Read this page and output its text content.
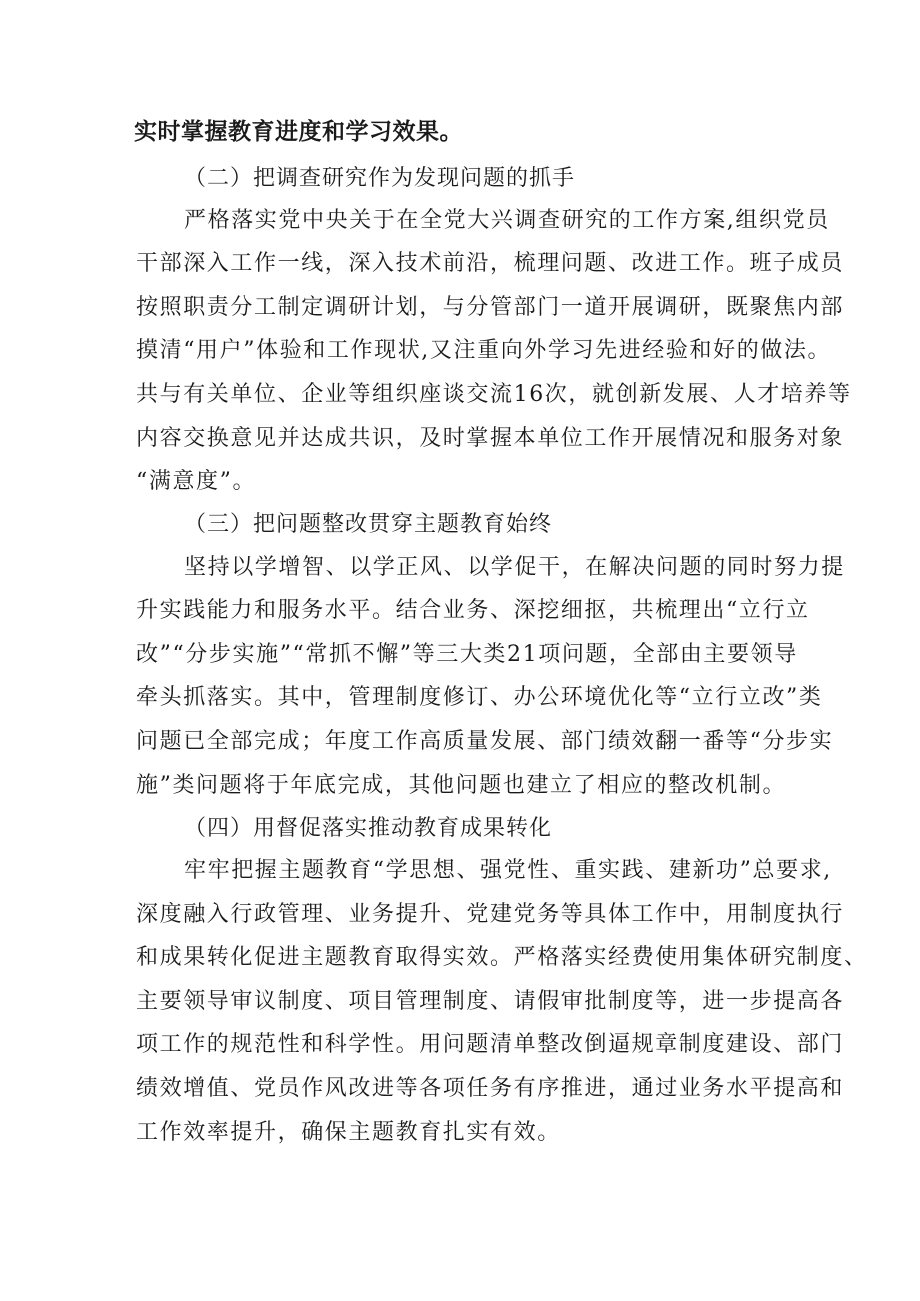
实时掌握教育进度和学习效果。
（二）把调查研究作为发现问题的抓手
严格落实党中央关于在全党大兴调查研究的工作方案,组织党员
干部深入工作一线，深入技术前沿，梳理问题、改进工作。班子成员
按照职责分工制定调研计划，与分管部门一道开展调研，既聚焦内部
摸清“用户”体验和工作现状,又注重向外学习先进经验和好的做法。
共与有关单位、企业等组织座谈交流16次，就创新发展、人才培养等
内容交换意见并达成共识，及时掌握本单位工作开展情况和服务对象
“满意度”。
（三）把问题整改贯穿主题教育始终
坚持以学增智、以学正风、以学促干，在解决问题的同时努力提
升实践能力和服务水平。结合业务、深挖细抠，共梳理出“立行立
改”“分步实施”“常抓不懈”等三大类21项问题，全部由主要领导
牵头抓落实。其中，管理制度修订、办公环境优化等“立行立改”类
问题已全部完成；年度工作高质量发展、部门绩效翻一番等“分步实
施”类问题将于年底完成，其他问题也建立了相应的整改机制。
（四）用督促落实推动教育成果转化
牢牢把握主题教育“学思想、强党性、重实践、建新功”总要求,
深度融入行政管理、业务提升、党建党务等具体工作中，用制度执行
和成果转化促进主题教育取得实效。严格落实经费使用集体研究制度、
主要领导审议制度、项目管理制度、请假审批制度等，进一步提高各
项工作的规范性和科学性。用问题清单整改倒逼规章制度建设、部门
绩效增值、党员作风改进等各项任务有序推进，通过业务水平提高和
工作效率提升，确保主题教育扎实有效。
